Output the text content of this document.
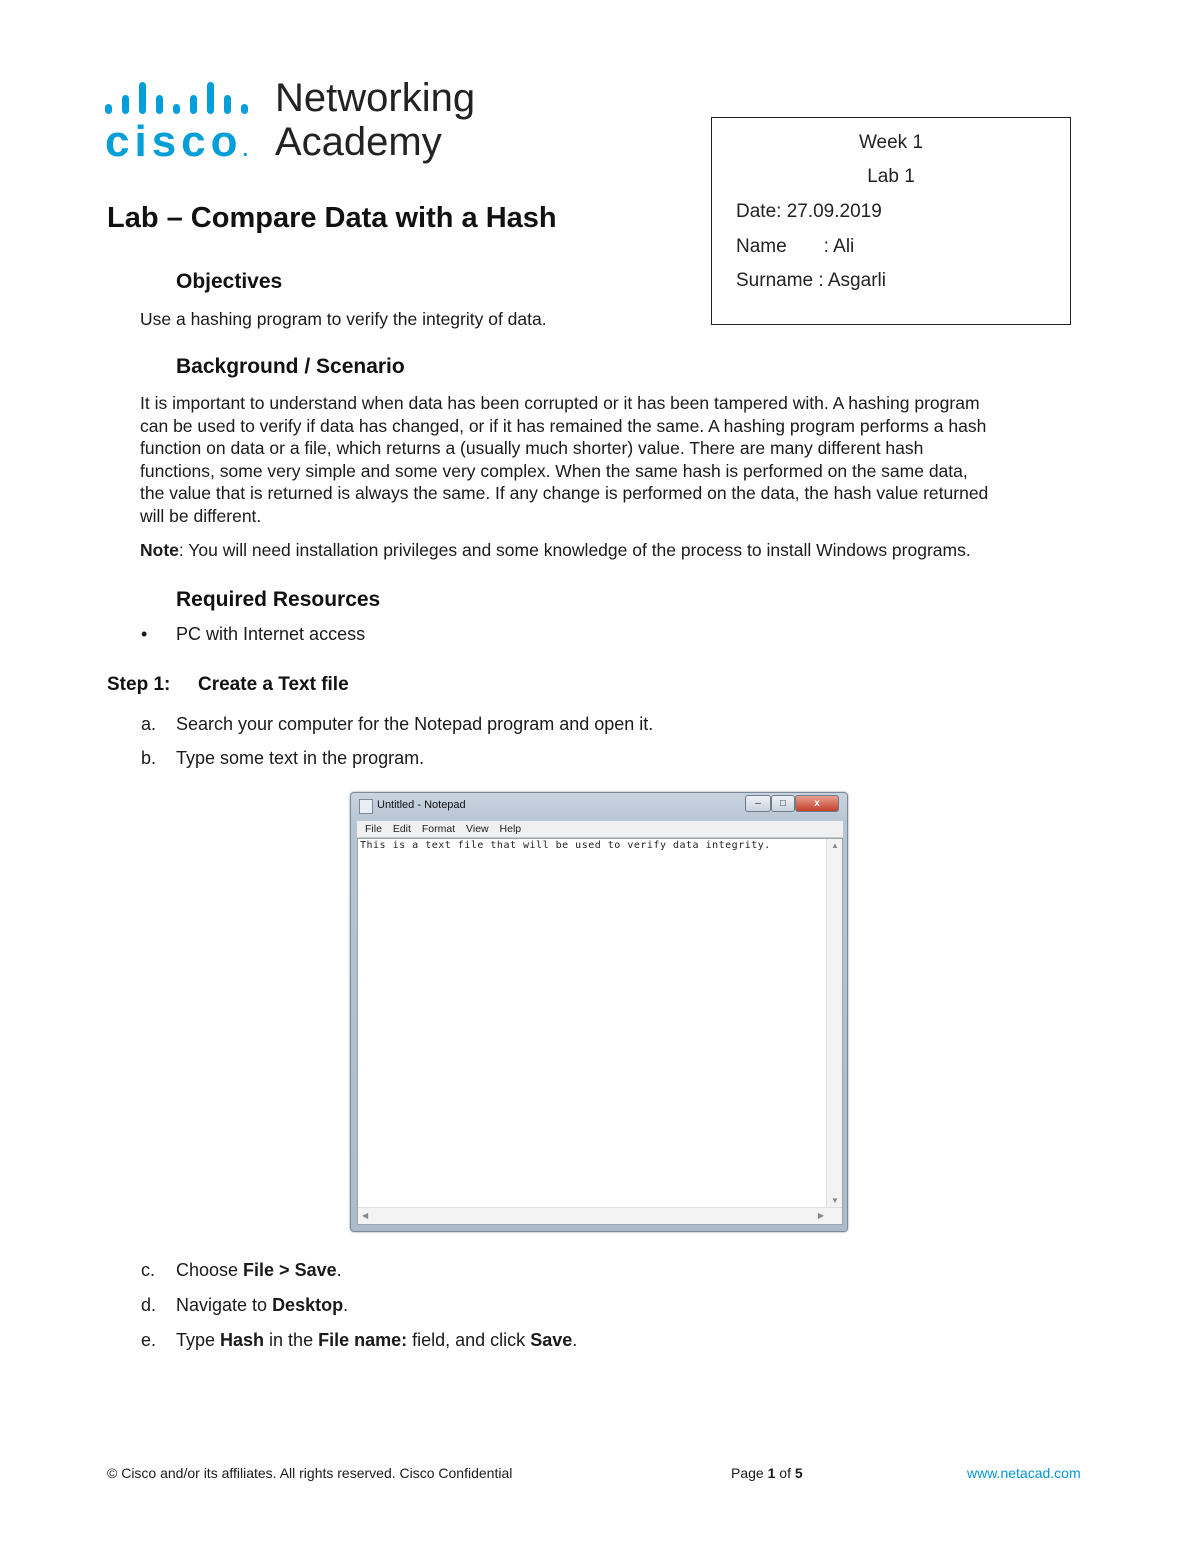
cisco.
Networking
Academy	Week 1
Lab 1
Date: 27.09.2019
Name       : Ali
Surname : Asgarli
Lab – Compare Data with a Hash
Objectives
Use a hashing program to verify the integrity of data.
Background / Scenario
It is important to understand when data has been corrupted or it has been tampered with. A hashing program
can be used to verify if data has changed, or if it has remained the same. A hashing program performs a hash
function on data or a file, which returns a (usually much shorter) value. There are many different hash
functions, some very simple and some very complex. When the same hash is performed on the same data,
the value that is returned is always the same. If any change is performed on the data, the hash value returned
will be different.
Note: You will need installation privileges and some knowledge of the process to install Windows programs.
Required Resources
• PC with Internet access
Step 1: Create a Text file
a. Search your computer for the Notepad program and open it.
b. Type some text in the program.
Untitled - Notepad	–	□	x
File Edit Format View Help
This is a text file that will be used to verify data integrity.	▲
▼
◀	▶
c. Choose File > Save.
d. Navigate to Desktop.
e. Type Hash in the File name: field, and click Save.
© Cisco and/or its affiliates. All rights reserved. Cisco Confidential	Page 1 of 5	www.netacad.com
